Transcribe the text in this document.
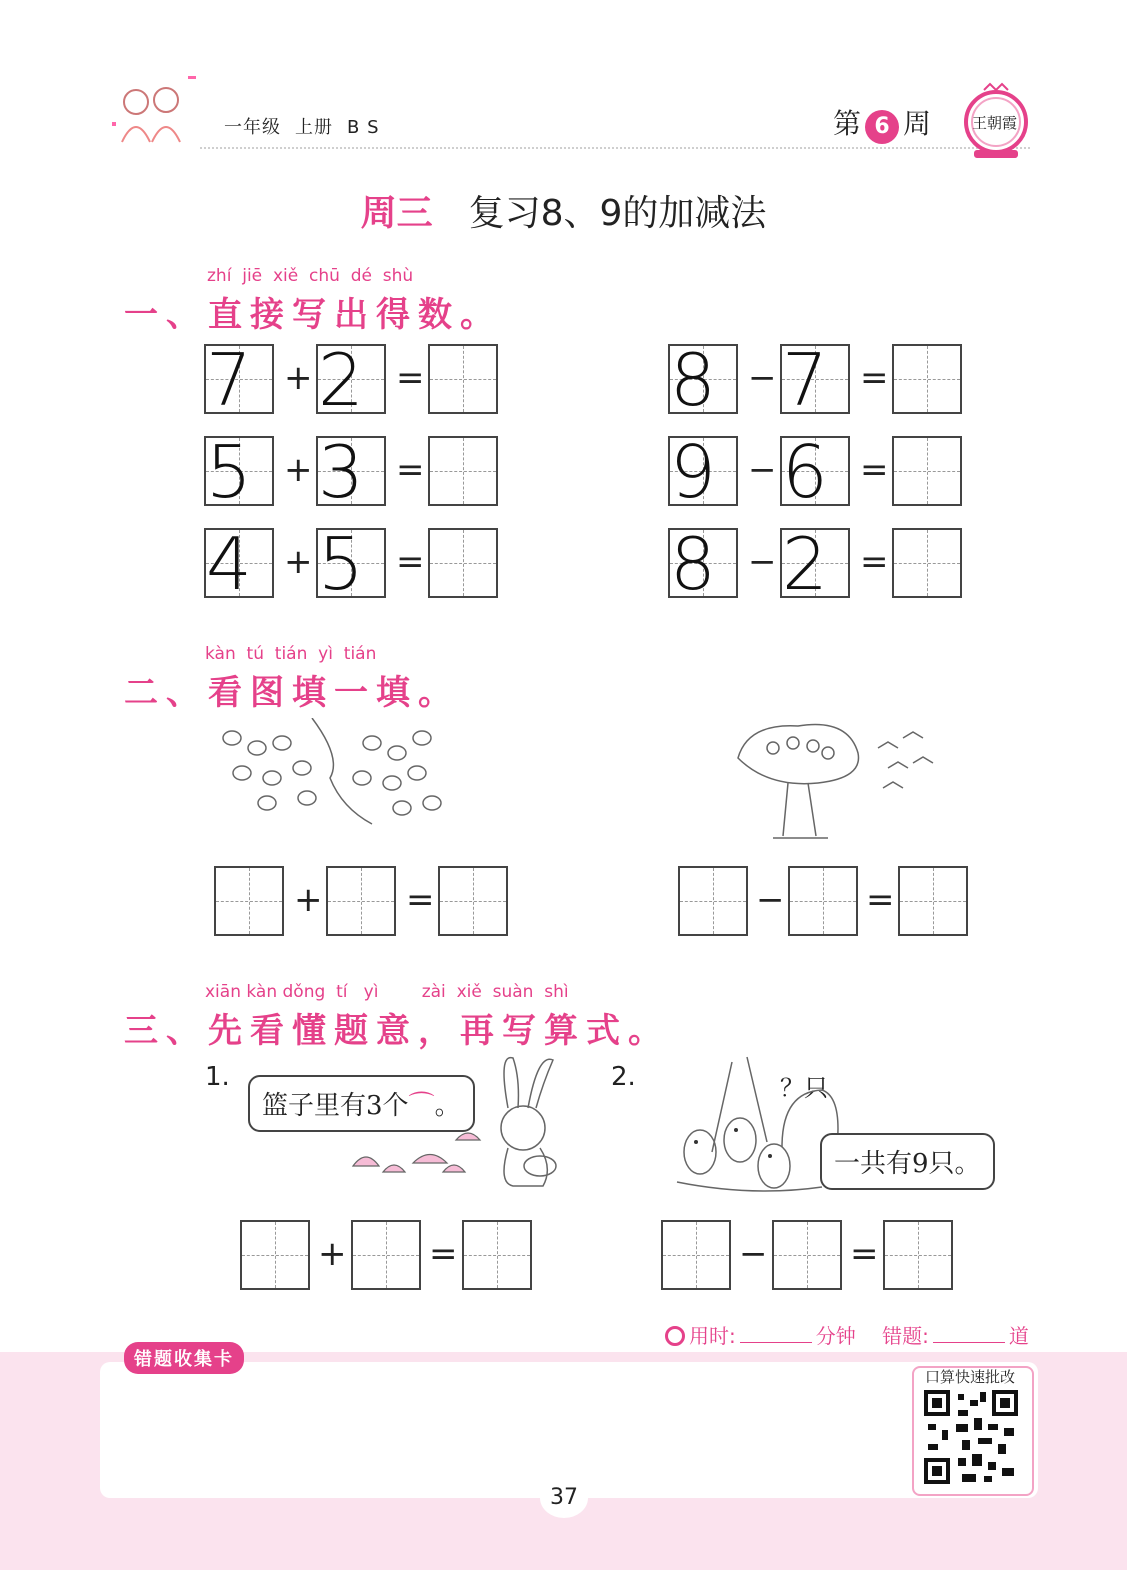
一年级 上册 B S	第 6 周	王朝霞
周三 复习8、9的加减法
zhí  jiē  xiě  chū  dé  shù
一、直接写出得数。
7 + 2 =
5 + 3 =
4 + 5 =
8 − 7 =
9 − 6 =
8 − 2 =
kàn  tú  tián  yì  tián
二、看图填一填。
+ =	− =
xiān kàn dǒng  tí   yì        zài  xiě  suàn  shì
三、先看懂题意，再写算式。
1.
篮子里有3个⌒。
2.	？只
一共有9只。
+ =	− =
用时:	分钟 错题:	道
错题收集卡
口算快速批改
37
